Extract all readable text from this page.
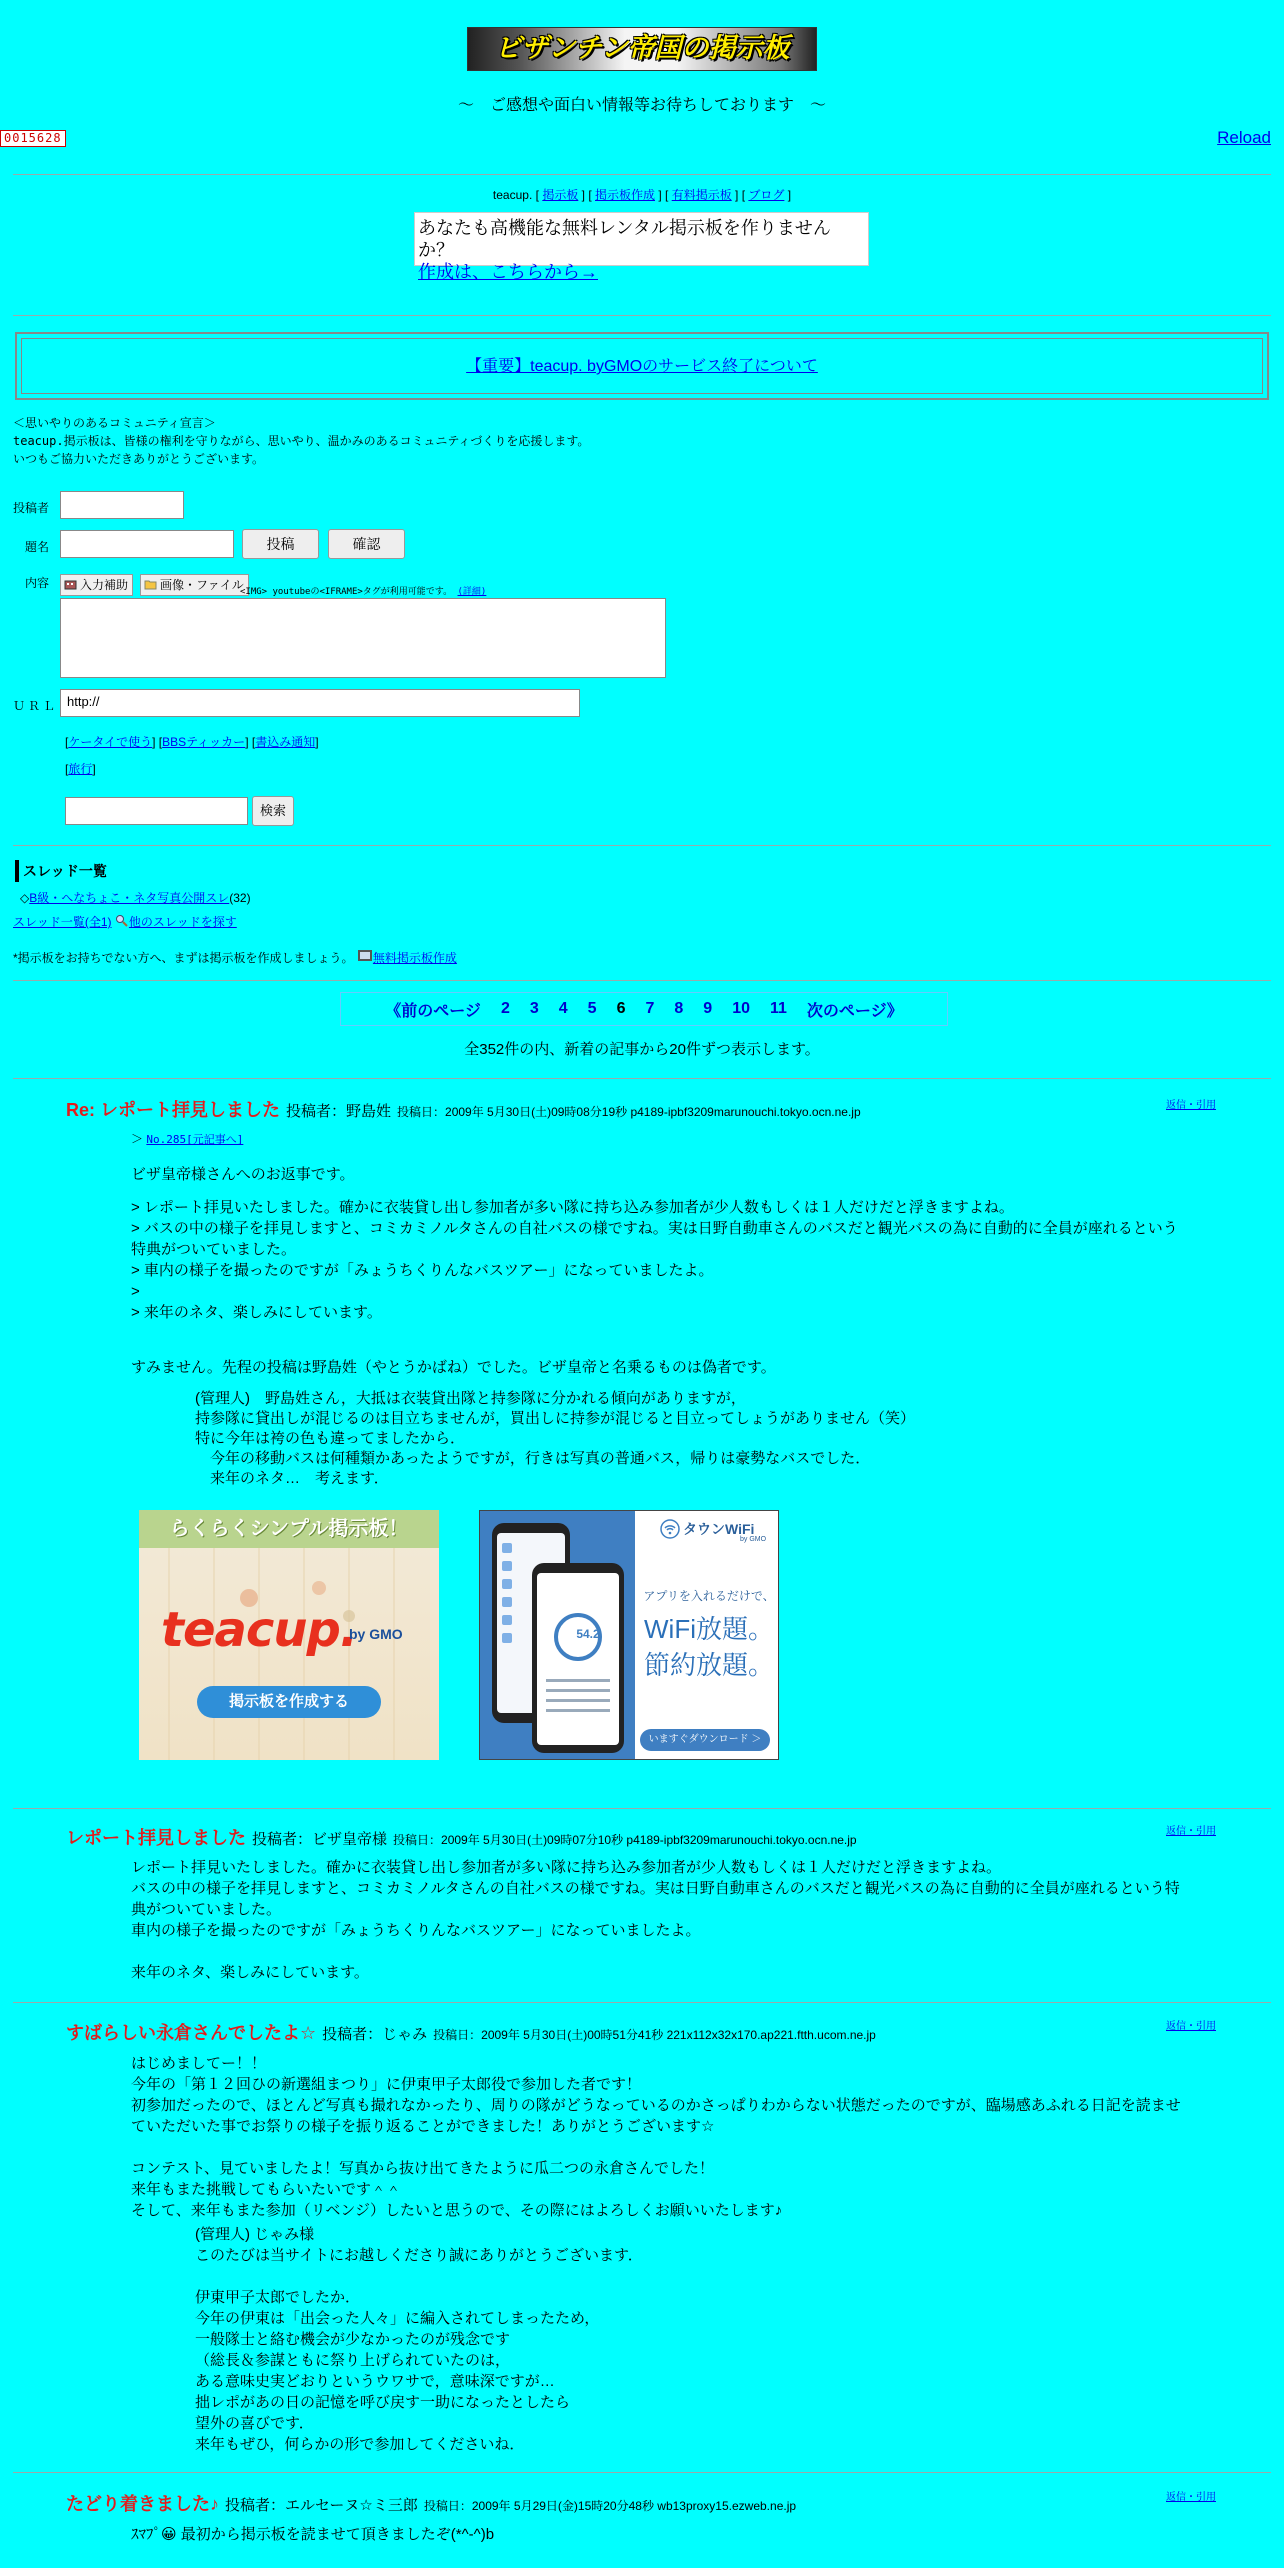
ビザンチン帝国の掲示板
～　ご感想や面白い情報等お待ちしております　～
0015628	Reload
teacup. [ 掲示板 ] [ 掲示板作成 ] [ 有料掲示板 ] [ ブログ ]
あなたも高機能な無料レンタル掲示板を作りませんか？
作成は、こちらから→
【重要】teacup. byGMOのサービス終了について
＜思いやりのあるコミュニティ宣言＞
teacup.掲示板は、皆様の権利を守りながら、思いやり、温かみのあるコミュニティづくりを応援します。
いつもご協力いただきありがとうございます。
投稿者
題名	投稿	確認
内容	入力補助	画像・ファイル
<IMG> youtubeの<IFRAME>タグが利用可能です。 (詳細)
ＵＲＬ http://
[ケータイで使う] [BBSティッカー] [書込み通知]
[旅行]
検索
スレッド一覧
◇B級・へなちょこ・ネタ写真公開スレ(32)
スレッド一覧(全1) 他のスレッドを探す
*掲示板をお持ちでない方へ、まずは掲示板を作成しましょう。 無料掲示板作成
《前のページ 2 3 4 5 6 7 8 9 10 11 次のページ》
全352件の内、新着の記事から20件ずつ表示します。
Re: レポート拝見しました 投稿者：野島姓 投稿日：2009年 5月30日(土)09時08分19秒 p4189-ipbf3209marunouchi.tokyo.ocn.ne.jp	返信・引用
＞ No.285[元記事へ]
ビザ皇帝様さんへのお返事です。
> レポート拝見いたしました。確かに衣装貸し出し参加者が多い隊に持ち込み参加者が少人数もしくは１人だけだと浮きますよね。
> バスの中の様子を拝見しますと、コミカミノルタさんの自社バスの様ですね。実は日野自動車さんのバスだと観光バスの為に自動的に全員が座れるという特典がついていました。
> 車内の様子を撮ったのですが「みょうちくりんなバスツアー」になっていましたよ。
>
> 来年のネタ、楽しみにしています。
すみません。先程の投稿は野島姓（やとうかばね）でした。ビザ皇帝と名乗るものは偽者です。
(管理人)　野島姓さん，大抵は衣装貸出隊と持参隊に分かれる傾向がありますが，
持参隊に貸出しが混じるのは目立ちませんが，買出しに持参が混じると目立ってしょうがありません（笑）
特に今年は袴の色も違ってましたから．
　今年の移動バスは何種類かあったようですが，行きは写真の普通バス，帰りは豪勢なバスでした．
　来年のネタ…　考えます．
らくらくシンプル掲示板！
teacup.
by GMO
掲示板を作成する
54.2
タウンWiFi
by GMO
アプリを入れるだけで、
WiFi放題。
節約放題。
いますぐダウンロード ＞
レポート拝見しました 投稿者：ビザ皇帝様 投稿日：2009年 5月30日(土)09時07分10秒 p4189-ipbf3209marunouchi.tokyo.ocn.ne.jp
返信・引用
レポート拝見いたしました。確かに衣装貸し出し参加者が多い隊に持ち込み参加者が少人数もしくは１人だけだと浮きますよね。
バスの中の様子を拝見しますと、コミカミノルタさんの自社バスの様ですね。実は日野自動車さんのバスだと観光バスの為に自動的に全員が座れるという特典がついていました。
車内の様子を撮ったのですが「みょうちくりんなバスツアー」になっていましたよ。
来年のネタ、楽しみにしています。
すばらしい永倉さんでしたよ☆ 投稿者：じゃみ 投稿日：2009年 5月30日(土)00時51分41秒 221x112x32x170.ap221.ftth.ucom.ne.jp
返信・引用
はじめましてー！！
今年の「第１２回ひの新選組まつり」に伊東甲子太郎役で参加した者です！
初参加だったので、ほとんど写真も撮れなかったり、周りの隊がどうなっているのかさっぱりわからない状態だったのですが、臨場感あふれる日記を読ませていただいた事でお祭りの様子を振り返ることができました！ありがとうございます☆
コンテスト、見ていましたよ！写真から抜け出てきたように瓜二つの永倉さんでした！
来年もまた挑戦してもらいたいです＾＾
そして、来年もまた参加（リベンジ）したいと思うので、その際にはよろしくお願いいたします♪
(管理人) じゃみ様
このたびは当サイトにお越しくださり誠にありがとうございます．
伊東甲子太郎でしたか．
今年の伊東は「出会った人々」に編入されてしまったため，
一般隊士と絡む機会が少なかったのが残念です
（総長＆参謀ともに祭り上げられていたのは，
ある意味史実どおりというウワサで，意味深ですが…
拙レポがあの日の記憶を呼び戻す一助になったとしたら
望外の喜びです．
来年もぜひ，何らかの形で参加してくださいね．
たどり着きました♪ 投稿者：エルセーヌ☆ミ三郎 投稿日：2009年 5月29日(金)15時20分48秒 wb13proxy15.ezweb.ne.jp
返信・引用
ｽﾏﾌﾟ😀 最初から掲示板を読ませて頂きましたぞ(*^-^)b
